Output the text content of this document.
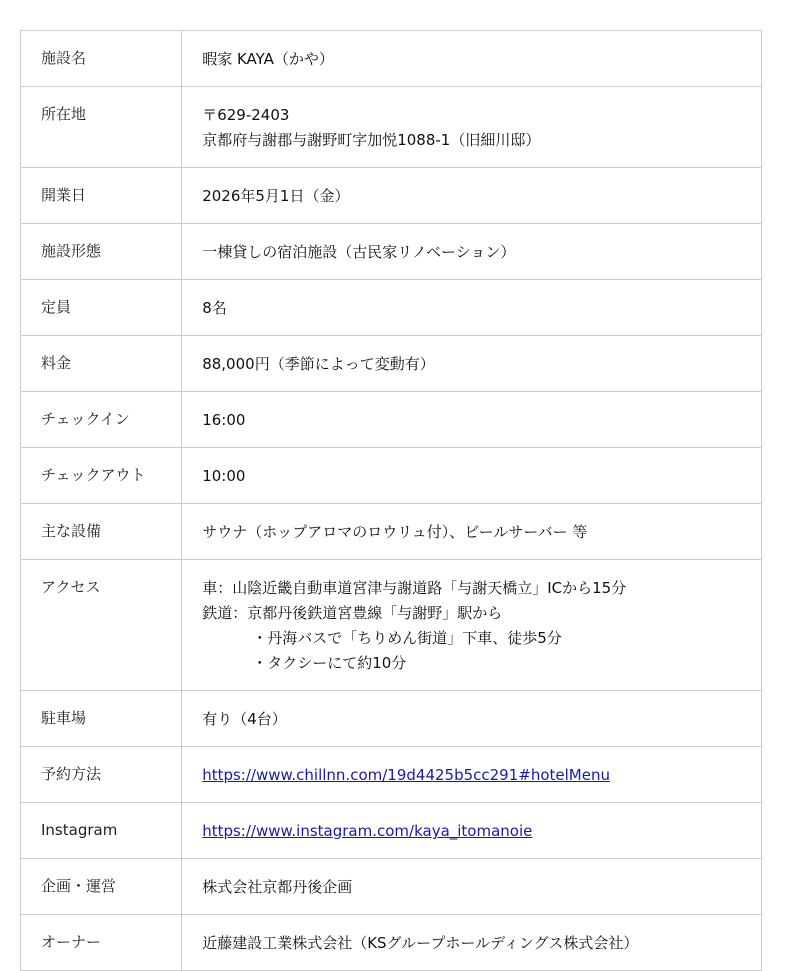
施設名	暇家 KAYA（かや）

所在地	〒629-2403
京都府与謝郡与謝野町字加悦1088-1（旧細川邸）

開業日	2026年5月1日（金）

施設形態	一棟貸しの宿泊施設（古民家リノベーション）

定員	8名

料金	88,000円（季節によって変動有）

チェックイン	16:00

チェックアウト	10:00

主な設備	サウナ（ホップアロマのロウリュ付）、ビールサーバー 等

アクセス	車：山陰近畿自動車道宮津与謝道路「与謝天橋立」ICから15分
鉄道：京都丹後鉄道宮豊線「与謝野」駅から
・丹海バスで「ちりめん街道」下車、徒歩5分
・タクシーにて約10分

駐車場	有り（4台）

予約方法	https://www.chillnn.com/19d4425b5cc291#hotelMenu

Instagram	https://www.instagram.com/kaya_itomanoie

企画・運営	株式会社京都丹後企画

オーナー	近藤建設工業株式会社（KSグループホールディングス株式会社）
